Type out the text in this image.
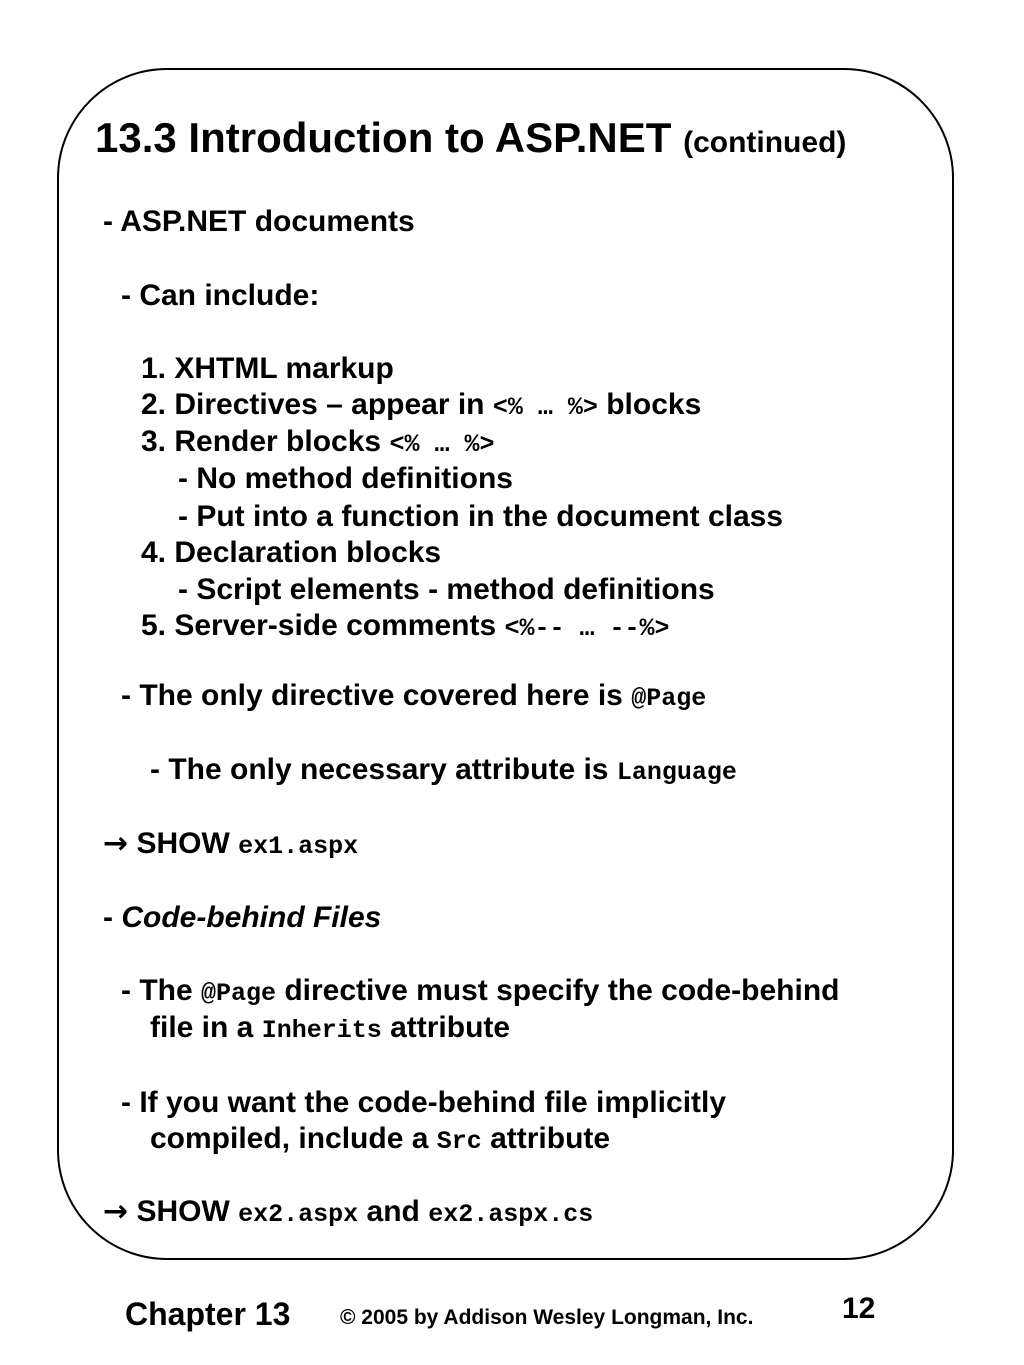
13.3 Introduction to ASP.NET (continued)
- ASP.NET documents
- Can include:
1. XHTML markup
2. Directives – appear in <% … %> blocks
3. Render blocks <% … %>
- No method definitions
- Put into a function in the document class
4. Declaration blocks
- Script elements - method definitions
5. Server-side comments <%-- … --%>
- The only directive covered here is @Page
- The only necessary attribute is Language
→ SHOW ex1.aspx
- Code-behind Files
- The @Page directive must specify the code-behind
file in a Inherits attribute
- If you want the code-behind file implicitly
compiled, include a Src attribute
→ SHOW ex2.aspx and ex2.aspx.cs
Chapter 13 © 2005 by Addison Wesley Longman, Inc.	12
